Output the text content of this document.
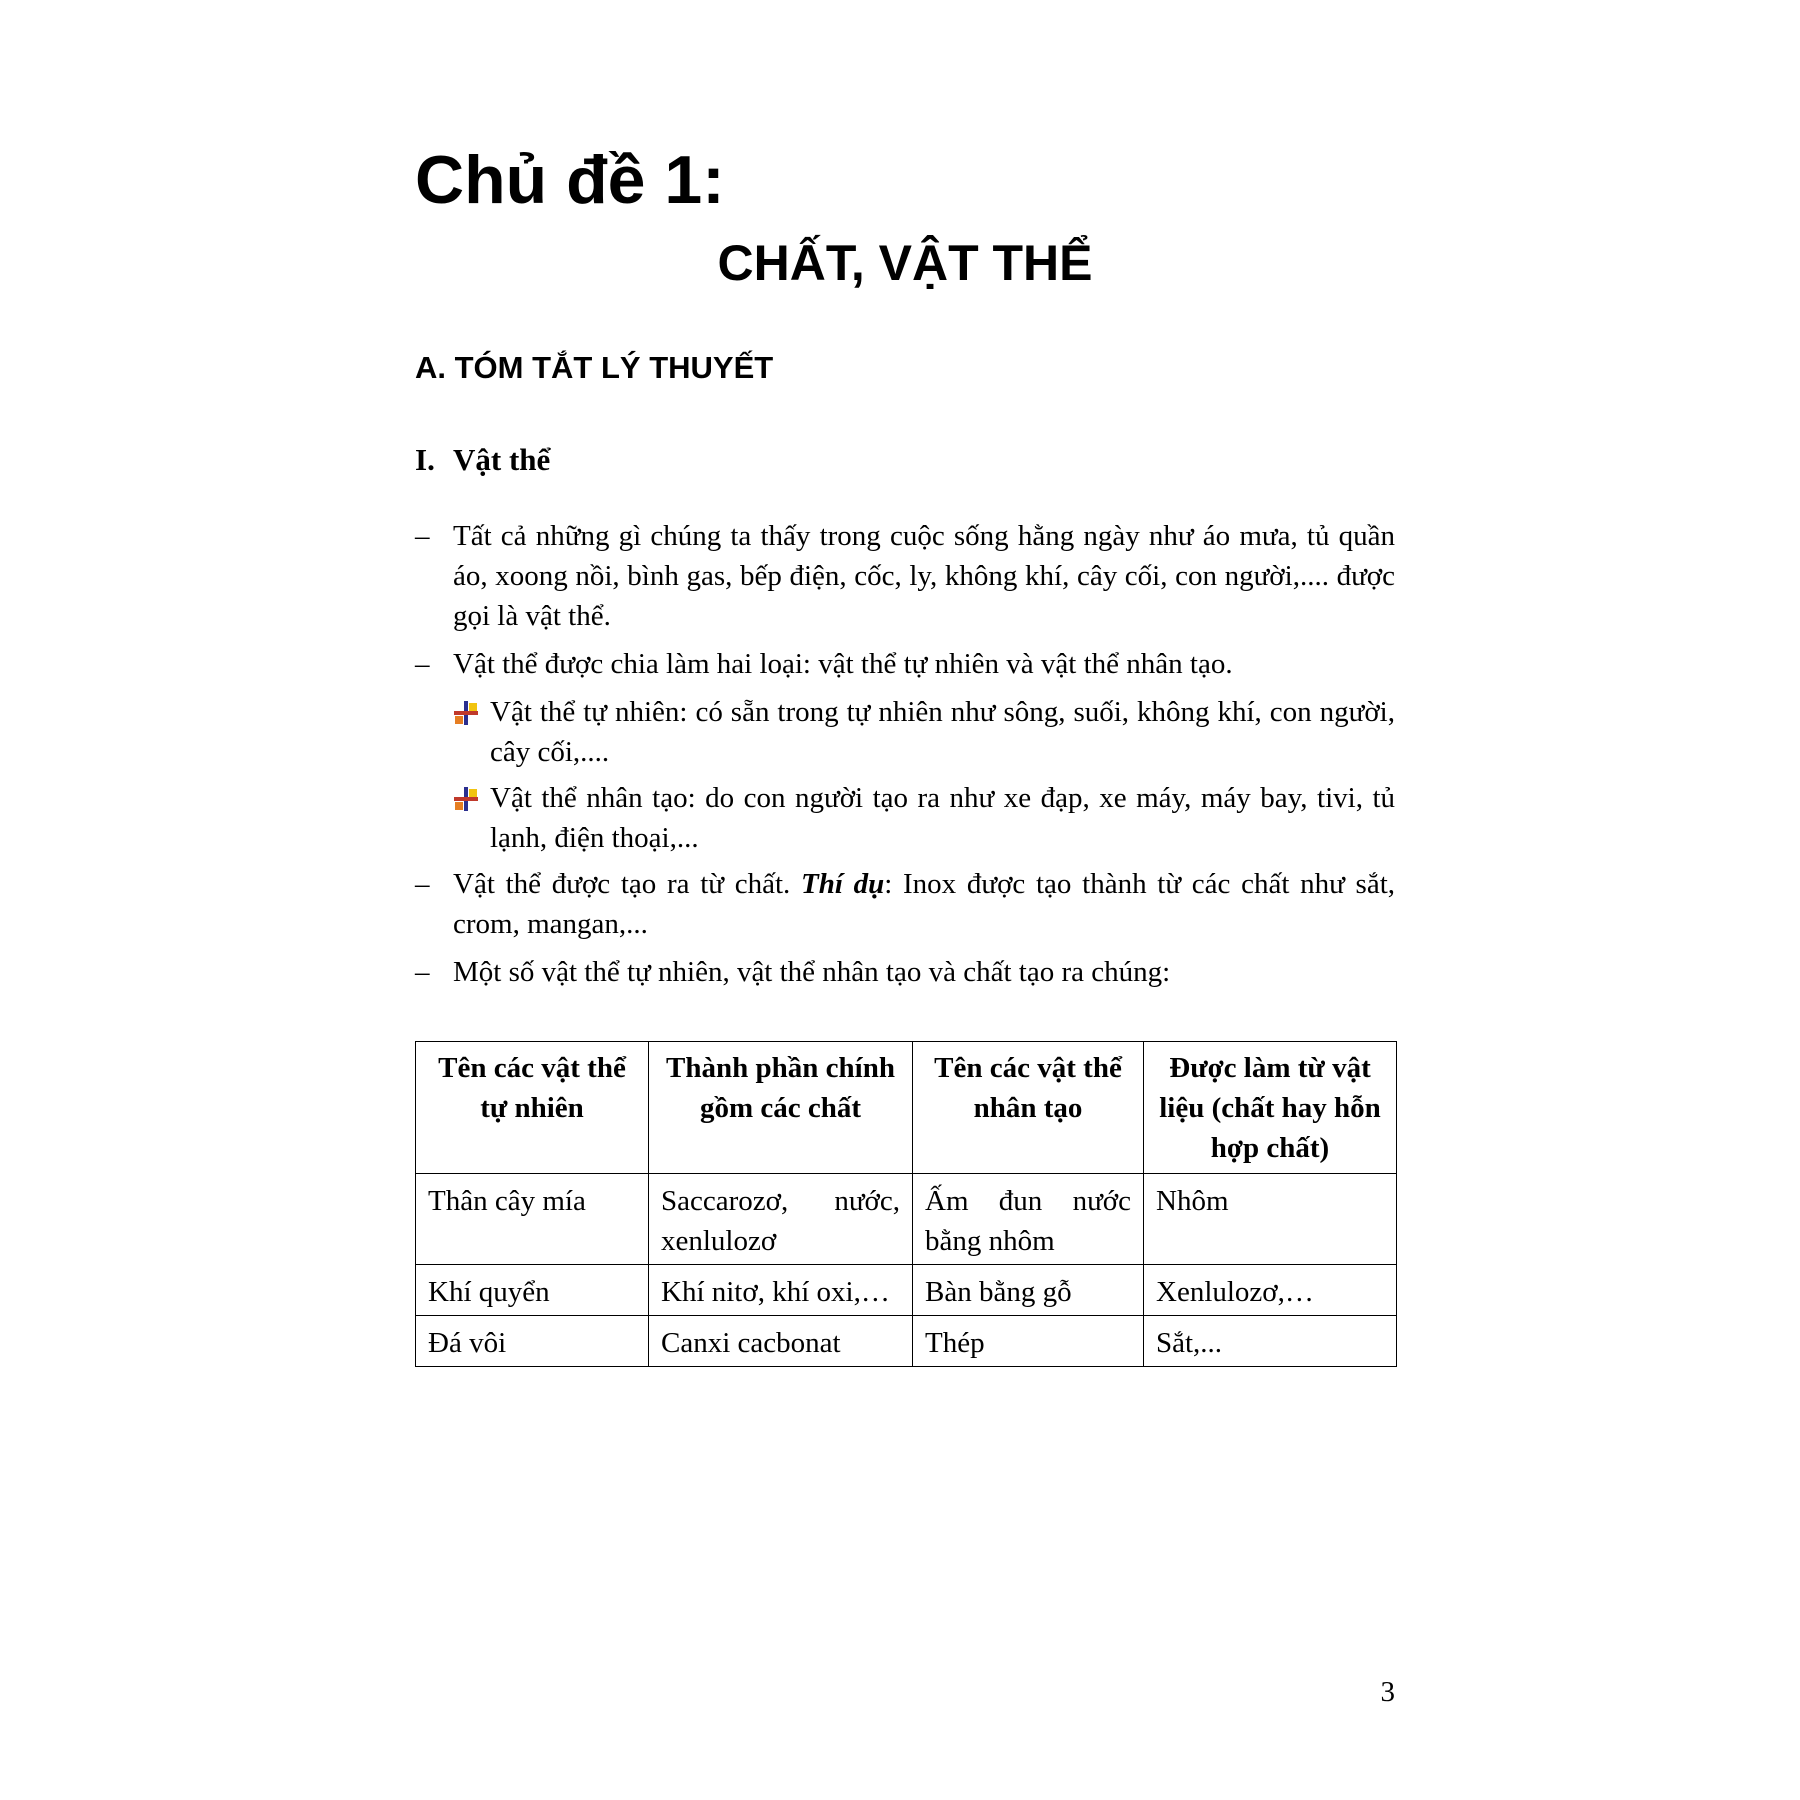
Chủ đề 1:
CHẤT, VẬT THỂ
A. TÓM TẮT LÝ THUYẾT
I. Vật thể
– Tất cả những gì chúng ta thấy trong cuộc sống hằng ngày như áo mưa, tủ quần áo, xoong nồi, bình gas, bếp điện, cốc, ly, không khí, cây cối, con người,.... được gọi là vật thể.
– Vật thể được chia làm hai loại: vật thể tự nhiên và vật thể nhân tạo.
Vật thể tự nhiên: có sẵn trong tự nhiên như sông, suối, không khí, con người, cây cối,....
Vật thể nhân tạo: do con người tạo ra như xe đạp, xe máy, máy bay, tivi, tủ lạnh, điện thoại,...
– Vật thể được tạo ra từ chất. Thí dụ: Inox được tạo thành từ các chất như sắt, crom, mangan,...
– Một số vật thể tự nhiên, vật thể nhân tạo và chất tạo ra chúng:
Tên các vật thể tự nhiên	Thành phần chính gồm các chất	Tên các vật thể nhân tạo	Được làm từ vật liệu (chất hay hỗn hợp chất)
Thân cây mía	Saccarozơ, nước, xenlulozơ	Ấm đun nước bằng nhôm	Nhôm
Khí quyển	Khí nitơ, khí oxi,…	Bàn bằng gỗ	Xenlulozơ,…
Đá vôi	Canxi cacbonat	Thép	Sắt,...

3
